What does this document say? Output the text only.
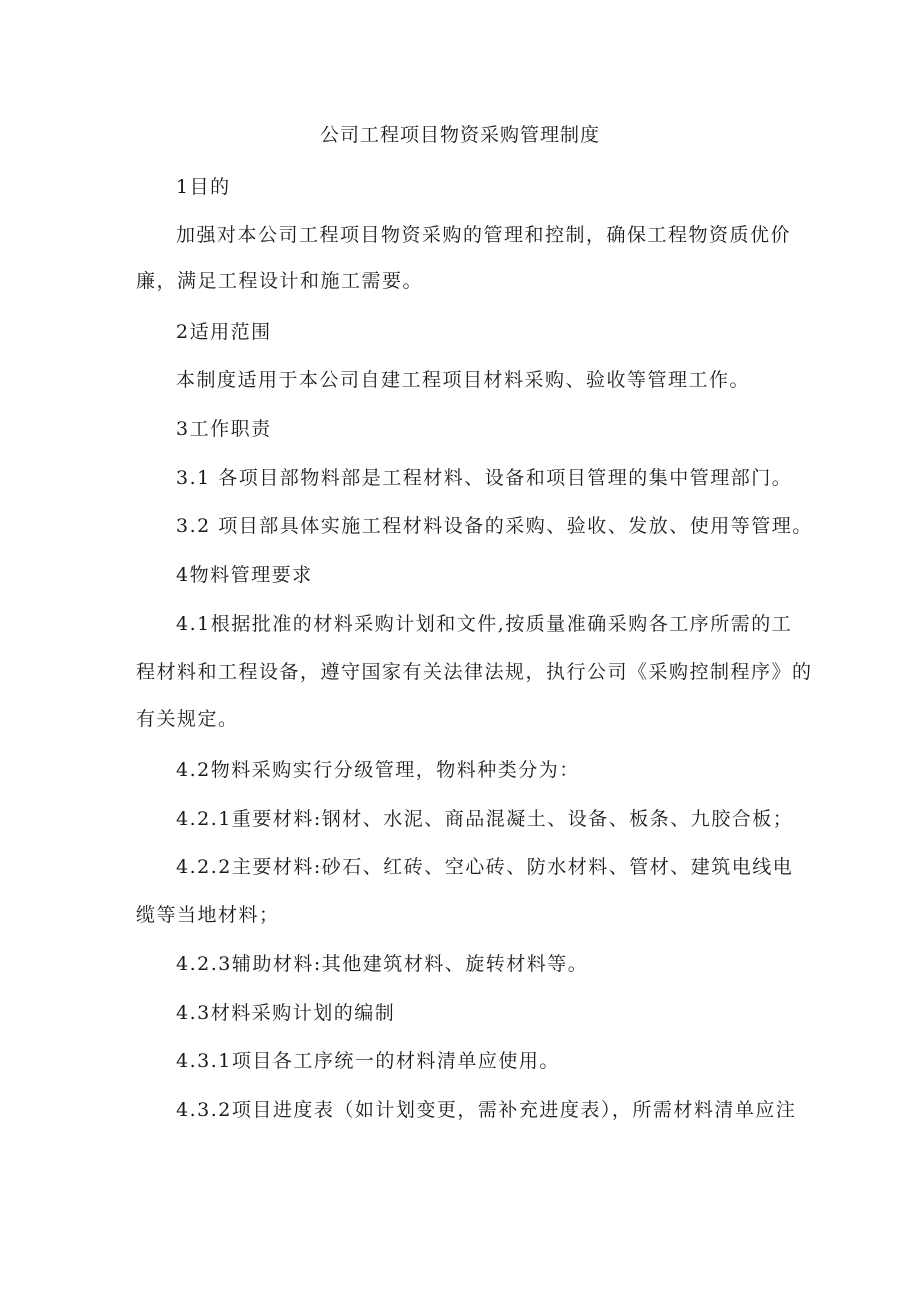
公司工程项目物资采购管理制度
1目的
加强对本公司工程项目物资采购的管理和控制，确保工程物资质优价
廉，满足工程设计和施工需要。
2适用范围
本制度适用于本公司自建工程项目材料采购、验收等管理工作。
3工作职责
3.1 各项目部物料部是工程材料、设备和项目管理的集中管理部门。
3.2 项目部具体实施工程材料设备的采购、验收、发放、使用等管理。
4物料管理要求
4.1根据批准的材料采购计划和文件,按质量准确采购各工序所需的工
程材料和工程设备，遵守国家有关法律法规，执行公司《采购控制程序》的
有关规定。
4.2物料采购实行分级管理，物料种类分为：
4.2.1重要材料:钢材、水泥、商品混凝土、设备、板条、九胶合板；
4.2.2主要材料:砂石、红砖、空心砖、防水材料、管材、建筑电线电
缆等当地材料；
4.2.3辅助材料:其他建筑材料、旋转材料等。
4.3材料采购计划的编制
4.3.1项目各工序统一的材料清单应使用。
4.3.2项目进度表（如计划变更，需补充进度表），所需材料清单应注
